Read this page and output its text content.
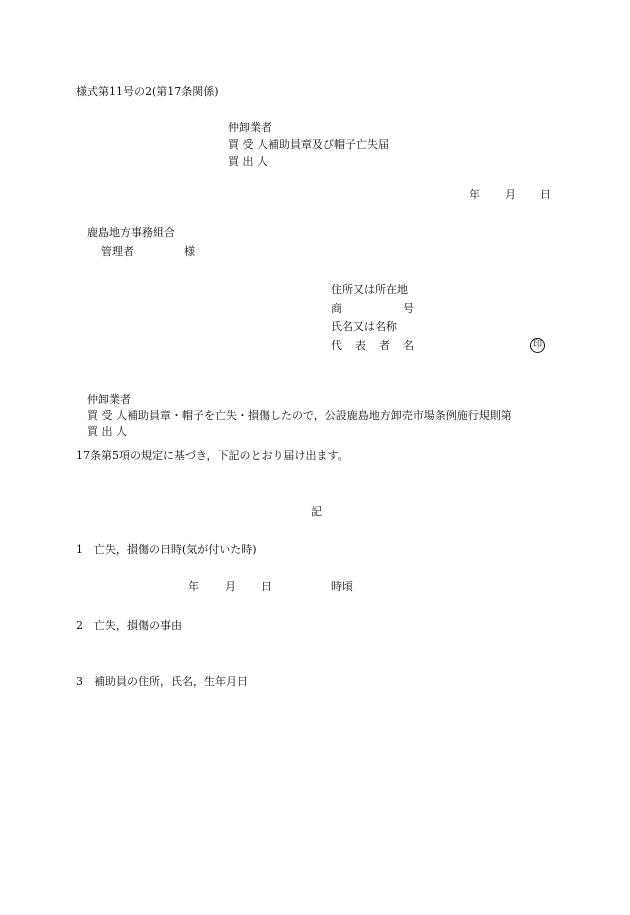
様式第11号の2(第17条関係)
仲卸業者
買 受 人補助員章及び帽子亡失届
買 出 人
年 月 日
鹿島地方事務組合
管理者	様
住所又は所在地
商	号
氏名又は名称
代 表 者 名	印
仲卸業者
買 受 人補助員章・帽子を亡失・損傷したので，公設鹿島地方卸売市場条例施行規則第
買 出 人
17条第5項の規定に基づき，下記のとおり届け出ます。
記
1　亡失，損傷の日時(気が付いた時)
年 月 日	時頃
2　亡失，損傷の事由
3　補助員の住所，氏名，生年月日
